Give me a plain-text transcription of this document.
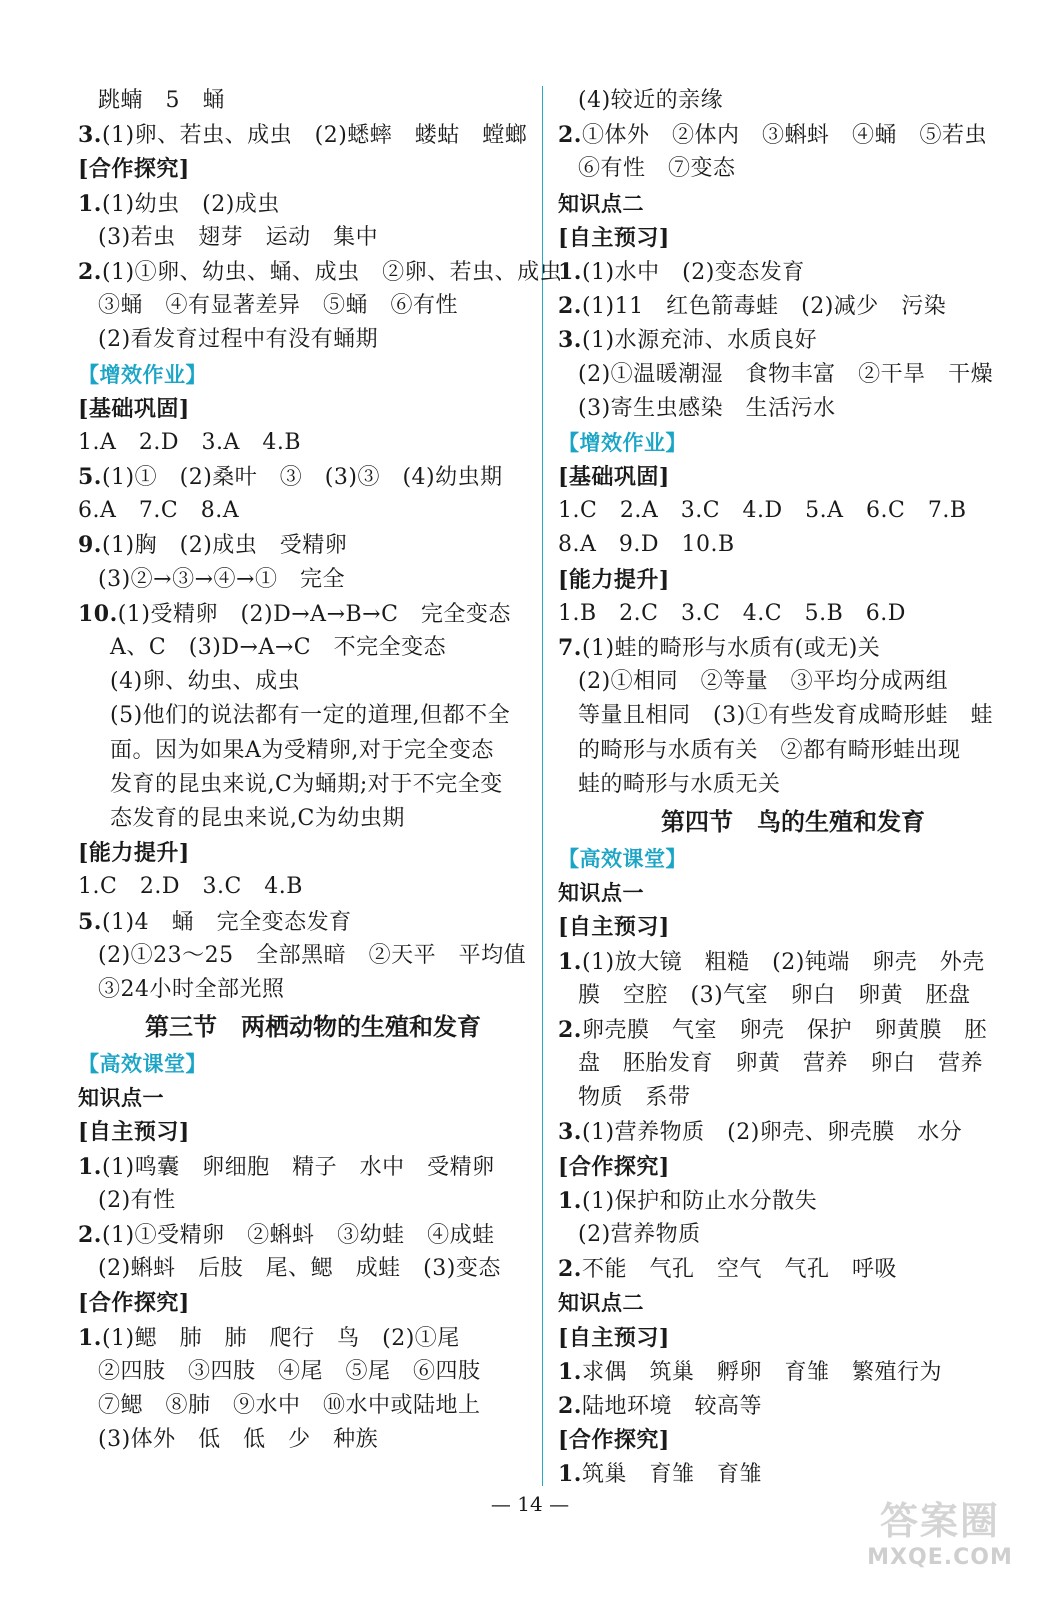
跳蝻　5　蛹
3.(1)卵、若虫、成虫　(2)蟋蟀　蝼蛄　螳螂
[合作探究]
1.(1)幼虫　(2)成虫
(3)若虫　翅芽　运动　集中
2.(1)①卵、幼虫、蛹、成虫　②卵、若虫、成虫
③蛹　④有显著差异　⑤蛹　⑥有性
(2)看发育过程中有没有蛹期
【增效作业】
[基础巩固]
1.A　2.D　3.A　4.B
5.(1)①　(2)桑叶　③　(3)③　(4)幼虫期
6.A　7.C　8.A
9.(1)胸　(2)成虫　受精卵
(3)②→③→④→①　完全
10.(1)受精卵　(2)D→A→B→C　完全变态
A、C　(3)D→A→C　不完全变态
(4)卵、幼虫、成虫
(5)他们的说法都有一定的道理,但都不全
面。因为如果A为受精卵,对于完全变态
发育的昆虫来说,C为蛹期;对于不完全变
态发育的昆虫来说,C为幼虫期
[能力提升]
1.C　2.D　3.C　4.B
5.(1)4　蛹　完全变态发育
(2)①23～25　全部黑暗　②天平　平均值
③24小时全部光照
第三节　两栖动物的生殖和发育
【高效课堂】
知识点一
[自主预习]
1.(1)鸣囊　卵细胞　精子　水中　受精卵
(2)有性
2.(1)①受精卵　②蝌蚪　③幼蛙　④成蛙
(2)蝌蚪　后肢　尾、鳃　成蛙　(3)变态
[合作探究]
1.(1)鳃　肺　肺　爬行　鸟　(2)①尾
②四肢　③四肢　④尾　⑤尾　⑥四肢
⑦鳃　⑧肺　⑨水中　⑩水中或陆地上
(3)体外　低　低　少　种族
(4)较近的亲缘
2.①体外　②体内　③蝌蚪　④蛹　⑤若虫
⑥有性　⑦变态
知识点二
[自主预习]
1.(1)水中　(2)变态发育
2.(1)11　红色箭毒蛙　(2)减少　污染
3.(1)水源充沛、水质良好
(2)①温暖潮湿　食物丰富　②干旱　干燥
(3)寄生虫感染　生活污水
【增效作业】
[基础巩固]
1.C　2.A　3.C　4.D　5.A　6.C　7.B
8.A　9.D　10.B
[能力提升]
1.B　2.C　3.C　4.C　5.B　6.D
7.(1)蛙的畸形与水质有(或无)关
(2)①相同　②等量　③平均分成两组
等量且相同　(3)①有些发育成畸形蛙　蛙
的畸形与水质有关　②都有畸形蛙出现
蛙的畸形与水质无关
第四节　鸟的生殖和发育
【高效课堂】
知识点一
[自主预习]
1.(1)放大镜　粗糙　(2)钝端　卵壳　外壳
膜　空腔　(3)气室　卵白　卵黄　胚盘
2.卵壳膜　气室　卵壳　保护　卵黄膜　胚
盘　胚胎发育　卵黄　营养　卵白　营养
物质　系带
3.(1)营养物质　(2)卵壳、卵壳膜　水分
[合作探究]
1.(1)保护和防止水分散失
(2)营养物质
2.不能　气孔　空气　气孔　呼吸
知识点二
[自主预习]
1.求偶　筑巢　孵卵　育雏　繁殖行为
2.陆地环境　较高等
[合作探究]
1.筑巢　育雏　育雏
— 14 —	答案圈
MXQE.COM
